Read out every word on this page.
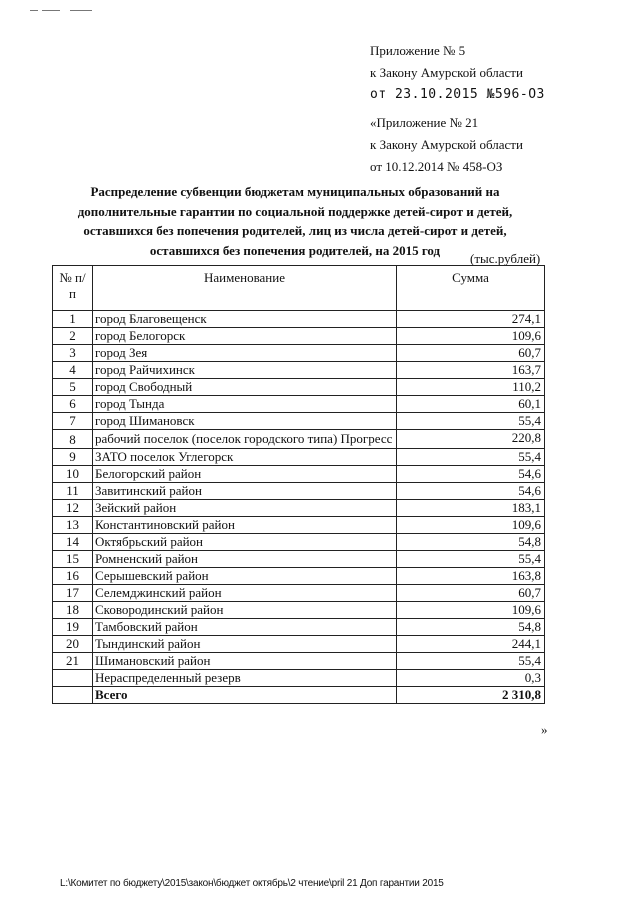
Приложение № 5
к Закону Амурской области
от 23.10.2015 №596-ОЗ
«Приложение № 21
к Закону Амурской области
от 10.12.2014 № 458-ОЗ
Распределение субвенции бюджетам муниципальных образований на
дополнительные гарантии по социальной поддержке детей-сирот и детей,
оставшихся без попечения родителей, лиц из числа детей-сирот и детей,
оставшихся без попечения родителей, на 2015 год
(тыс.рублей)
№ п/п	Наименование	Сумма
1	город Благовещенск	274,1
2	город Белогорск	109,6
3	город Зея	60,7
4	город Райчихинск	163,7
5	город Свободный	110,2
6	город Тында	60,1
7	город Шимановск	55,4
8	рабочий поселок (поселок городского типа) Прогресс	220,8
9	ЗАТО поселок Углегорск	55,4
10	Белогорский район	54,6
11	Завитинский район	54,6
12	Зейский район	183,1
13	Константиновский район	109,6
14	Октябрьский район	54,8
15	Ромненский район	55,4
16	Серышевский район	163,8
17	Селемджинский район	60,7
18	Сковородинский район	109,6
19	Тамбовский район	54,8
20	Тындинский район	244,1
21	Шимановский район	55,4
	Нераспределенный резерв	0,3
	Всего	2 310,8
»
L:\Комитет по бюджету\2015\закон\бюджет октябрь\2 чтение\pril 21 Доп гарантии 2015
